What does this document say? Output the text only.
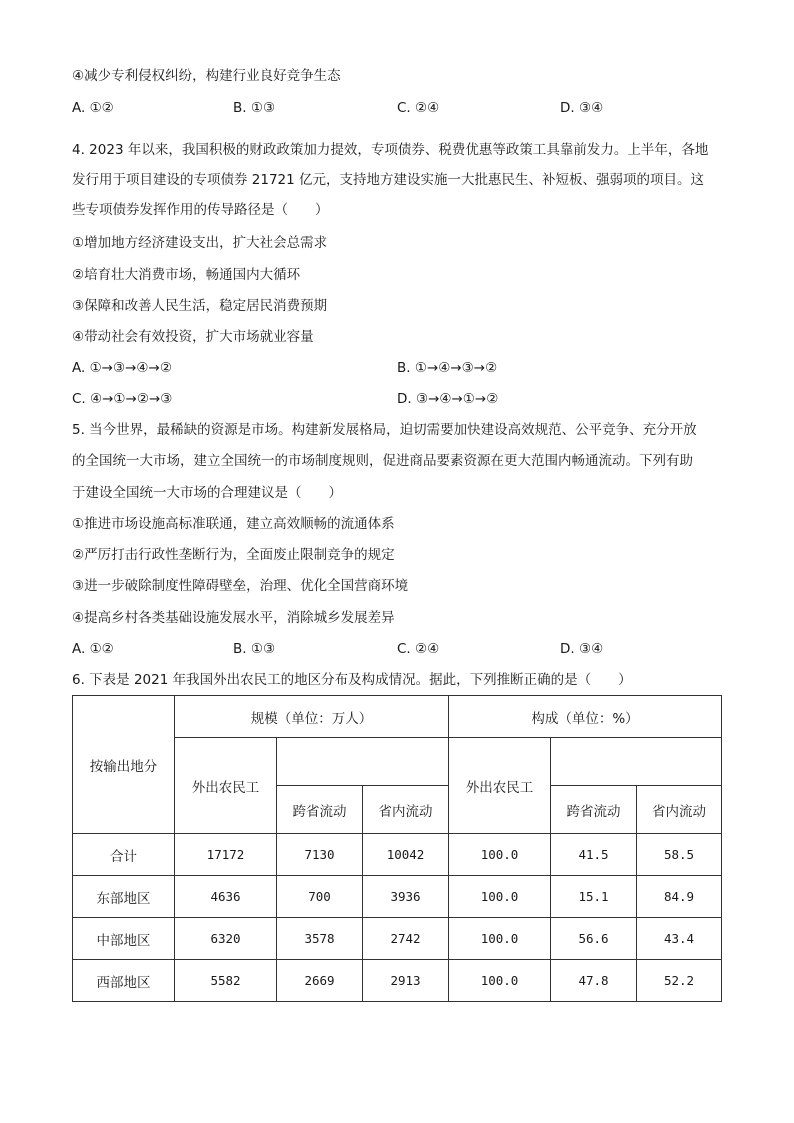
④减少专利侵权纠纷，构建行业良好竞争生态
A. ①②	B. ①③	C. ②④	D. ③④
4. 2023 年以来，我国积极的财政政策加力提效，专项债券、税费优惠等政策工具靠前发力。上半年，各地
发行用于项目建设的专项债券 21721 亿元，支持地方建设实施一大批惠民生、补短板、强弱项的项目。这
些专项债券发挥作用的传导路径是（　　）
①增加地方经济建设支出，扩大社会总需求
②培育壮大消费市场，畅通国内大循环
③保障和改善人民生活，稳定居民消费预期
④带动社会有效投资，扩大市场就业容量
A. ①→③→④→②	B. ①→④→③→②
C. ④→①→②→③	D. ③→④→①→②
5. 当今世界，最稀缺的资源是市场。构建新发展格局，迫切需要加快建设高效规范、公平竞争、充分开放
的全国统一大市场，建立全国统一的市场制度规则，促进商品要素资源在更大范围内畅通流动。下列有助
于建设全国统一大市场的合理建议是（　　）
①推进市场设施高标准联通，建立高效顺畅的流通体系
②严厉打击行政性垄断行为，全面废止限制竞争的规定
③进一步破除制度性障碍壁垒，治理、优化全国营商环境
④提高乡村各类基础设施发展水平，消除城乡发展差异
A. ①②	B. ①③	C. ②④	D. ③④
6. 下表是 2021 年我国外出农民工的地区分布及构成情况。据此，下列推断正确的是（　　）
按输出地分	规模（单位：万人）			构成（单位：%）		
	外出农民工			外出农民工		
		跨省流动	省内流动		跨省流动	省内流动
合计	17172	7130	10042	100.0	41.5	58.5
东部地区	4636	700	3936	100.0	15.1	84.9
中部地区	6320	3578	2742	100.0	56.6	43.4
西部地区	5582	2669	2913	100.0	47.8	52.2
